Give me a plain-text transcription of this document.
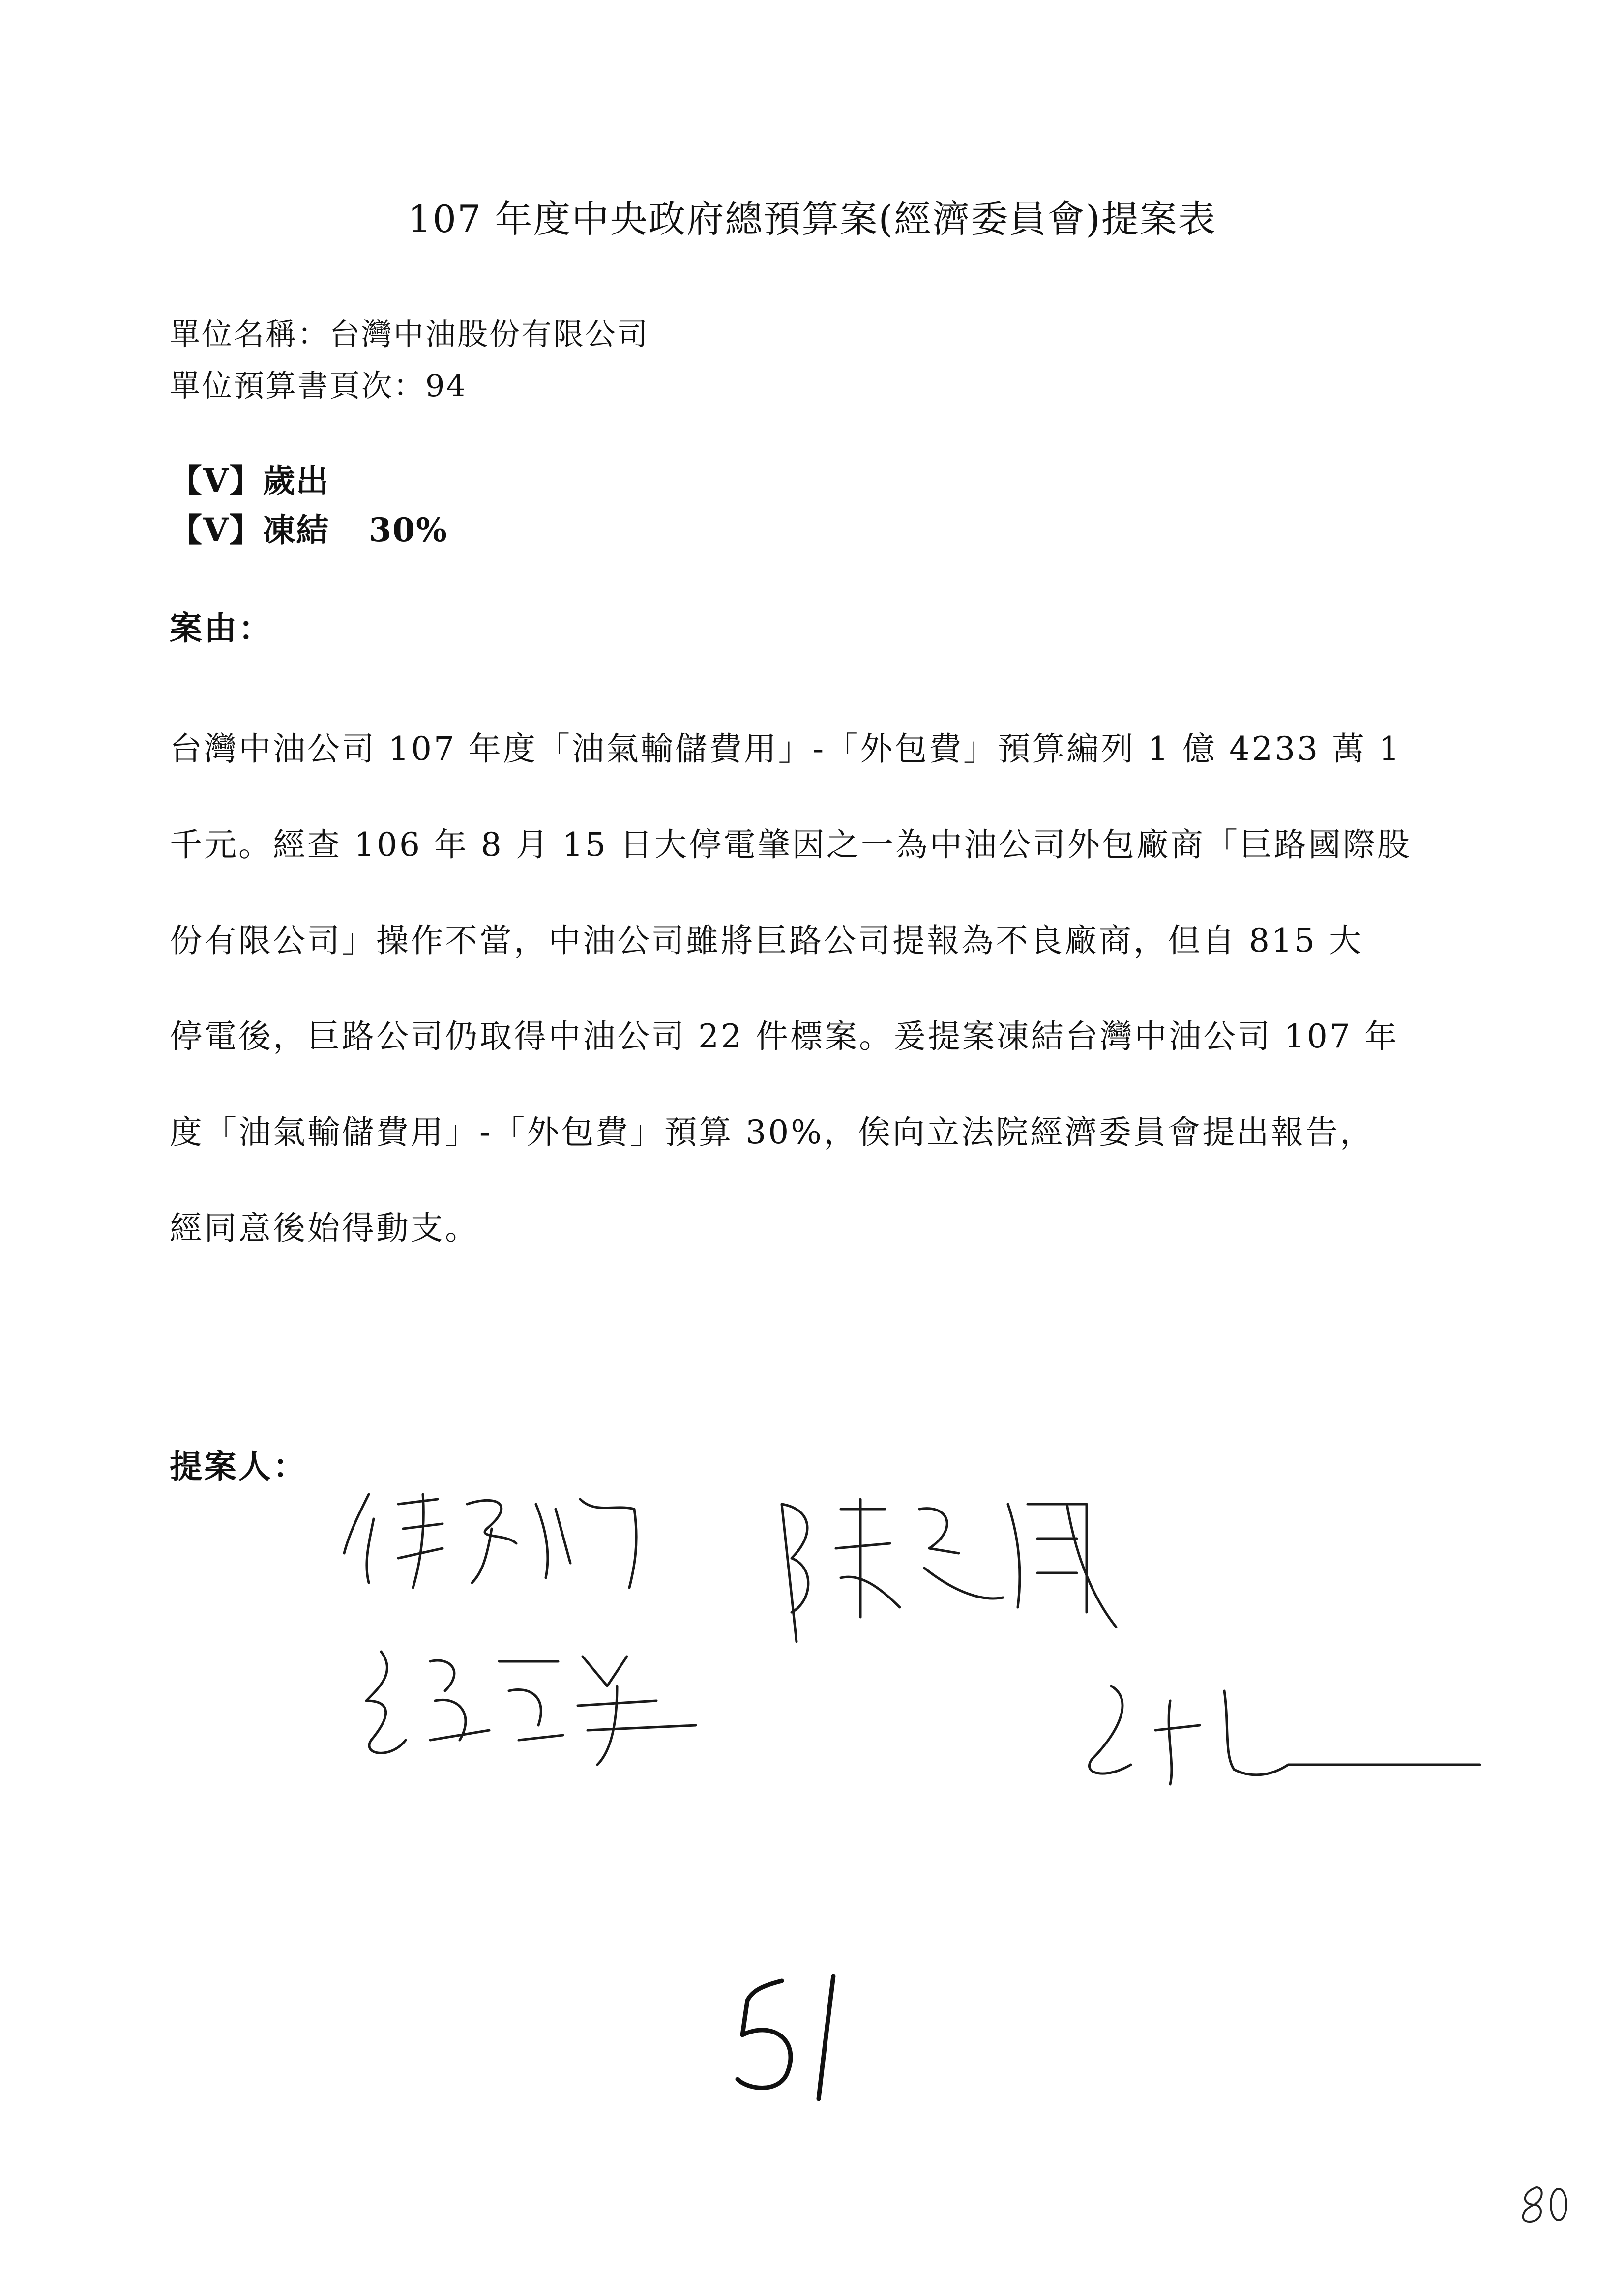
107 年度中央政府總預算案(經濟委員會)提案表
單位名稱：台灣中油股份有限公司
單位預算書頁次：94
【V】歲出
【V】凍結 30%
案由：
台灣中油公司 107 年度「油氣輸儲費用」-「外包費」預算編列 1 億 4233 萬 1
千元。經查 106 年 8 月 15 日大停電肇因之一為中油公司外包廠商「巨路國際股
份有限公司」操作不當，中油公司雖將巨路公司提報為不良廠商，但自 815 大
停電後，巨路公司仍取得中油公司 22 件標案。爰提案凍結台灣中油公司 107 年
度「油氣輸儲費用」-「外包費」預算 30%，俟向立法院經濟委員會提出報告，
經同意後始得動支。
提案人：
